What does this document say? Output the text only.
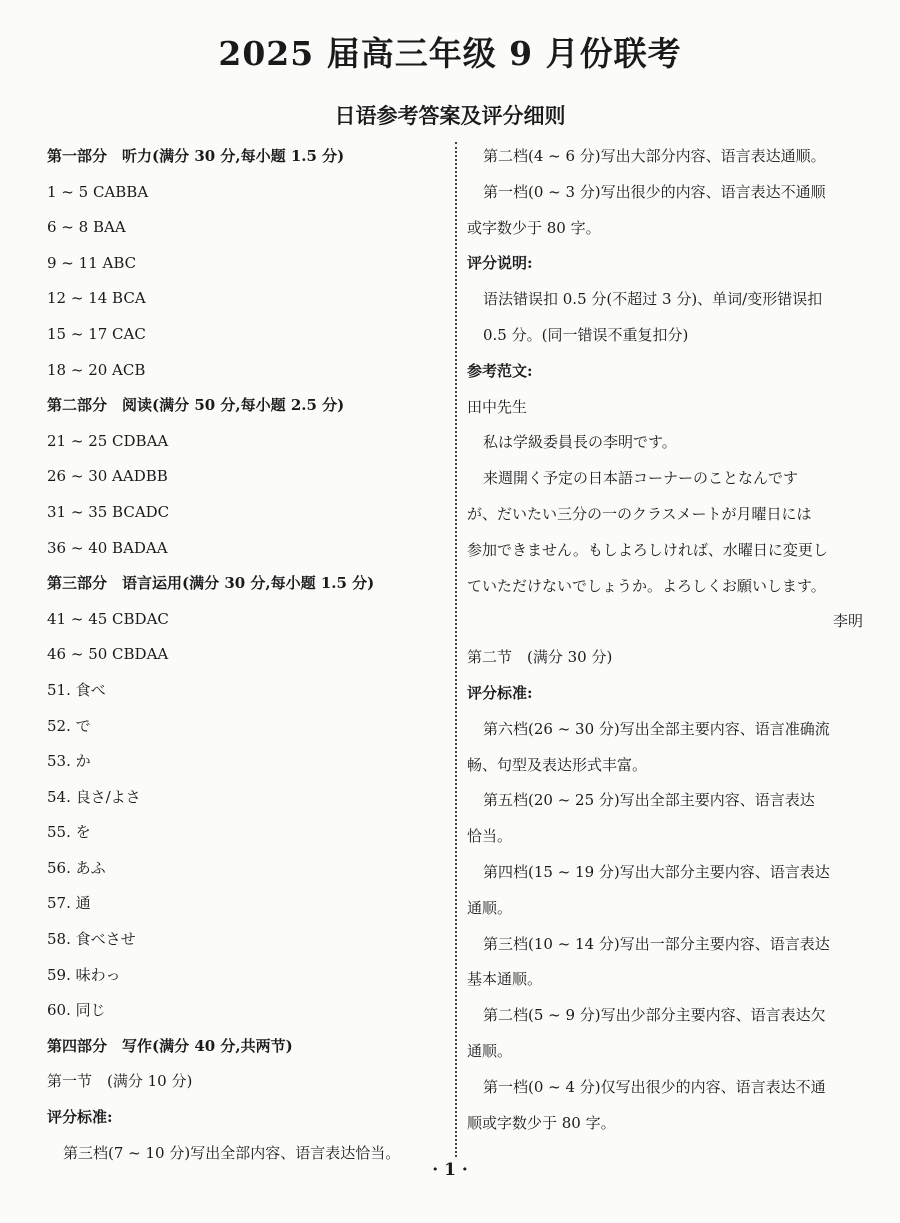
2025 届高三年级 9 月份联考
日语参考答案及评分细则
第一部分　听力(满分 30 分,每小题 1.5 分)
1 ~ 5 CABBA
6 ~ 8 BAA
9 ~ 11 ABC
12 ~ 14 BCA
15 ~ 17 CAC
18 ~ 20 ACB
第二部分　阅读(满分 50 分,每小题 2.5 分)
21 ~ 25 CDBAA
26 ~ 30 AADBB
31 ~ 35 BCADC
36 ~ 40 BADAA
第三部分　语言运用(满分 30 分,每小题 1.5 分)
41 ~ 45 CBDAC
46 ~ 50 CBDAA
51. 食べ
52. で
53. か
54. 良さ/よさ
55. を
56. あふ
57. 通
58. 食べさせ
59. 味わっ
60. 同じ
第四部分　写作(满分 40 分,共两节)
第一节　(满分 10 分)
评分标准:
第三档(7 ~ 10 分)写出全部内容、语言表达恰当。
第二档(4 ~ 6 分)写出大部分内容、语言表达通顺。
第一档(0 ~ 3 分)写出很少的内容、语言表达不通顺
或字数少于 80 字。
评分说明:
语法错误扣 0.5 分(不超过 3 分)、单词/变形错误扣
0.5 分。(同一错误不重复扣分)
参考范文:
田中先生
私は学級委員長の李明です。
来週開く予定の日本語コーナーのことなんです
が、だいたい三分の一のクラスメートが月曜日には
参加できません。もしよろしければ、水曜日に変更し
ていただけないでしょうか。よろしくお願いします。
李明
第二节　(满分 30 分)
评分标准:
第六档(26 ~ 30 分)写出全部主要内容、语言准确流
畅、句型及表达形式丰富。
第五档(20 ~ 25 分)写出全部主要内容、语言表达
恰当。
第四档(15 ~ 19 分)写出大部分主要内容、语言表达
通顺。
第三档(10 ~ 14 分)写出一部分主要内容、语言表达
基本通顺。
第二档(5 ~ 9 分)写出少部分主要内容、语言表达欠
通顺。
第一档(0 ~ 4 分)仅写出很少的内容、语言表达不通
顺或字数少于 80 字。
· 1 ·
